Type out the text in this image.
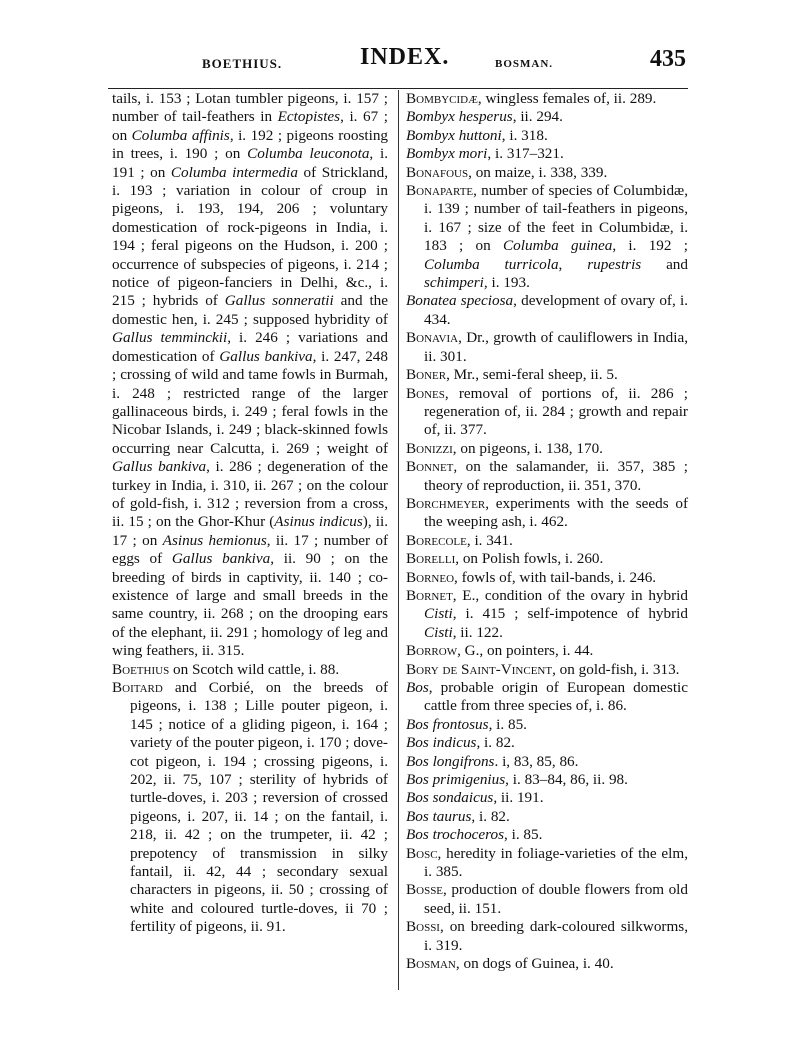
BOETHIUS.	INDEX.	BOSMAN.	435
tails, i. 153 ; Lotan tumbler pigeons, i. 157 ; number of tail-feathers in Ectopistes, i. 67 ; on Columba affinis, i. 192 ; pigeons roosting in trees, i. 190 ; on Columba leuconota, i. 191 ; on Columba intermedia of Strickland, i. 193 ; variation in colour of croup in pigeons, i. 193, 194, 206 ; voluntary domestication of rock-pigeons in India, i. 194 ; feral pigeons on the Hudson, i. 200 ; occurrence of subspecies of pigeons, i. 214 ; notice of pigeon-fanciers in Delhi, &c., i. 215 ; hybrids of Gallus sonneratii and the domestic hen, i. 245 ; supposed hybridity of Gallus temminckii, i. 246 ; variations and domestication of Gallus bankiva, i. 247, 248 ; crossing of wild and tame fowls in Burmah, i. 248 ; restricted range of the larger gallinaceous birds, i. 249 ; feral fowls in the Nicobar Islands, i. 249 ; black-skinned fowls occurring near Calcutta, i. 269 ; weight of Gallus bankiva, i. 286 ; degeneration of the turkey in India, i. 310, ii. 267 ; on the colour of gold-fish, i. 312 ; reversion from a cross, ii. 15 ; on the Ghor-Khur (Asinus indicus), ii. 17 ; on Asinus hemionus, ii. 17 ; number of eggs of Gallus bankiva, ii. 90 ; on the breeding of birds in captivity, ii. 140 ; co-existence of large and small breeds in the same country, ii. 268 ; on the drooping ears of the elephant, ii. 291 ; homology of leg and wing feathers, ii. 315.
Boethius on Scotch wild cattle, i. 88.
Boitard and Corbié, on the breeds of pigeons, i. 138 ; Lille pouter pigeon, i. 145 ; notice of a gliding pigeon, i. 164 ; variety of the pouter pigeon, i. 170 ; dove-cot pigeon, i. 194 ; crossing pigeons, i. 202, ii. 75, 107 ; sterility of hybrids of turtle-doves, i. 203 ; reversion of crossed pigeons, i. 207, ii. 14 ; on the fantail, i. 218, ii. 42 ; on the trumpeter, ii. 42 ; prepotency of transmission in silky fantail, ii. 42, 44 ; secondary sexual characters in pigeons, ii. 50 ; crossing of white and coloured turtle-doves, ii 70 ; fertility of pigeons, ii. 91.
Bombycidæ, wingless females of, ii. 289.
Bombyx hesperus, ii. 294.
Bombyx huttoni, i. 318.
Bombyx mori, i. 317–321.
Bonafous, on maize, i. 338, 339.
Bonaparte, number of species of Columbidæ, i. 139 ; number of tail-feathers in pigeons, i. 167 ; size of the feet in Columbidæ, i. 183 ; on Columba guinea, i. 192 ; Columba turricola, rupestris and schimperi, i. 193.
Bonatea speciosa, development of ovary of, i. 434.
Bonavia, Dr., growth of cauliflowers in India, ii. 301.
Boner, Mr., semi-feral sheep, ii. 5.
Bones, removal of portions of, ii. 286 ; regeneration of, ii. 284 ; growth and repair of, ii. 377.
Bonizzi, on pigeons, i. 138, 170.
Bonnet, on the salamander, ii. 357, 385 ; theory of reproduction, ii. 351, 370.
Borchmeyer, experiments with the seeds of the weeping ash, i. 462.
Borecole, i. 341.
Borelli, on Polish fowls, i. 260.
Borneo, fowls of, with tail-bands, i. 246.
Bornet, E., condition of the ovary in hybrid Cisti, i. 415 ; self-impotence of hybrid Cisti, ii. 122.
Borrow, G., on pointers, i. 44.
Bory de Saint-Vincent, on gold-fish, i. 313.
Bos, probable origin of European domestic cattle from three species of, i. 86.
Bos frontosus, i. 85.
Bos indicus, i. 82.
Bos longifrons. i, 83, 85, 86.
Bos primigenius, i. 83–84, 86, ii. 98.
Bos sondaicus, ii. 191.
Bos taurus, i. 82.
Bos trochoceros, i. 85.
Bosc, heredity in foliage-varieties of the elm, i. 385.
Bosse, production of double flowers from old seed, ii. 151.
Bossi, on breeding dark-coloured silkworms, i. 319.
Bosman, on dogs of Guinea, i. 40.
